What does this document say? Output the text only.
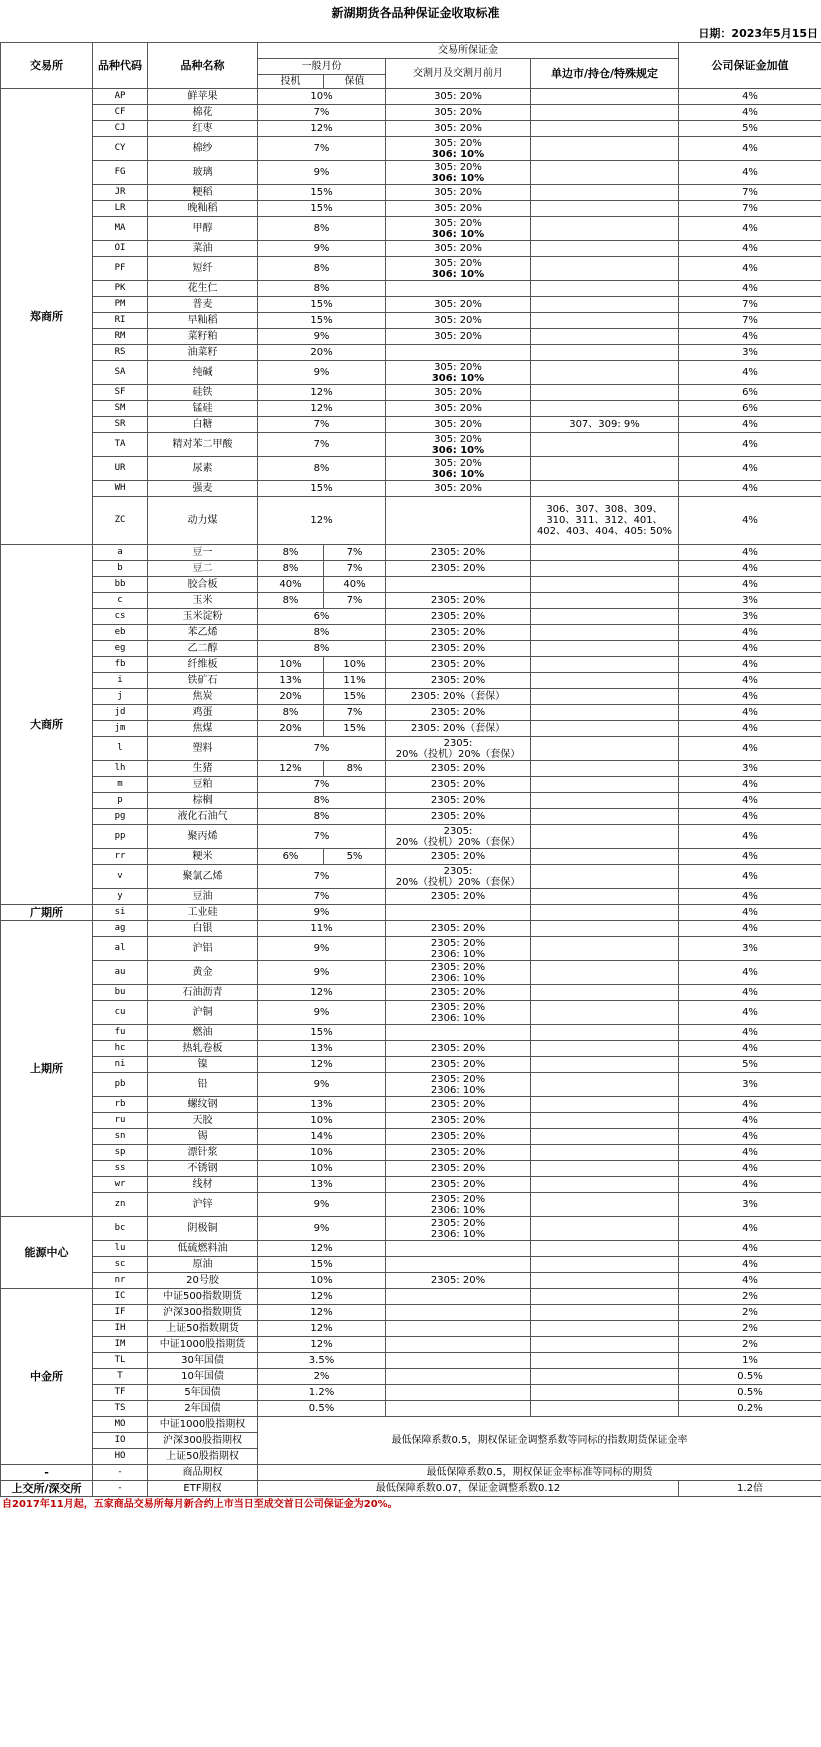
新湖期货各品种保证金收取标准
日期：2023年5月15日
交易所	品种代码	品种名称	交易所保证金				公司保证金加值
			一般月份		交割月及交割月前月	单边市/持仓/特殊规定	
			投机	保值			
郑商所	AP	鲜苹果	10%		305: 20%		4%
	CF	棉花	7%		305: 20%		4%
	CJ	红枣	12%		305: 20%		5%
	CY	棉纱	7%		305: 20%
306: 10%		4%
	FG	玻璃	9%		305: 20%
306: 10%		4%
	JR	粳稻	15%		305: 20%		7%
	LR	晚籼稻	15%		305: 20%		7%
	MA	甲醇	8%		305: 20%
306: 10%		4%
	OI	菜油	9%		305: 20%		4%
	PF	短纤	8%		305: 20%
306: 10%		4%
	PK	花生仁	8%				4%
	PM	普麦	15%		305: 20%		7%
	RI	早籼稻	15%		305: 20%		7%
	RM	菜籽粕	9%		305: 20%		4%
	RS	油菜籽	20%				3%
	SA	纯碱	9%		305: 20%
306: 10%		4%
	SF	硅铁	12%		305: 20%		6%
	SM	锰硅	12%		305: 20%		6%
	SR	白糖	7%		305: 20%	307、309: 9%	4%
	TA	精对苯二甲酸	7%		305: 20%
306: 10%		4%
	UR	尿素	8%		305: 20%
306: 10%		4%
	WH	强麦	15%		305: 20%		4%
	ZC	动力煤	12%			306、307、308、309、310、311、312、401、402、403、404、405: 50%	4%
大商所	a	豆一	8%	7%	2305: 20%		4%
	b	豆二	8%	7%	2305: 20%		4%
	bb	胶合板	40%	40%			4%
	c	玉米	8%	7%	2305: 20%		3%
	cs	玉米淀粉	6%		2305: 20%		3%
	eb	苯乙烯	8%		2305: 20%		4%
	eg	乙二醇	8%		2305: 20%		4%
	fb	纤维板	10%	10%	2305: 20%		4%
	i	铁矿石	13%	11%	2305: 20%		4%
	j	焦炭	20%	15%	2305: 20%（套保）		4%
	jd	鸡蛋	8%	7%	2305: 20%		4%
	jm	焦煤	20%	15%	2305: 20%（套保）		4%
	l	塑料	7%		2305:
20%（投机）20%（套保）		4%
	lh	生猪	12%	8%	2305: 20%		3%
	m	豆粕	7%		2305: 20%		4%
	p	棕榈	8%		2305: 20%		4%
	pg	液化石油气	8%		2305: 20%		4%
	pp	聚丙烯	7%		2305:
20%（投机）20%（套保）		4%
	rr	粳米	6%	5%	2305: 20%		4%
	v	聚氯乙烯	7%		2305:
20%（投机）20%（套保）		4%
	y	豆油	7%		2305: 20%		4%
广期所	si	工业硅	9%				4%
上期所	ag	白银	11%		2305: 20%		4%
	al	沪铝	9%		2305: 20%
2306: 10%		3%
	au	黄金	9%		2305: 20%
2306: 10%		4%
	bu	石油沥青	12%		2305: 20%		4%
	cu	沪铜	9%		2305: 20%
2306: 10%		4%
	fu	燃油	15%				4%
	hc	热轧卷板	13%		2305: 20%		4%
	ni	镍	12%		2305: 20%		5%
	pb	铅	9%		2305: 20%
2306: 10%		3%
	rb	螺纹钢	13%		2305: 20%		4%
	ru	天胶	10%		2305: 20%		4%
	sn	锡	14%		2305: 20%		4%
	sp	漂针浆	10%		2305: 20%		4%
	ss	不锈钢	10%		2305: 20%		4%
	wr	线材	13%		2305: 20%		4%
	zn	沪锌	9%		2305: 20%
2306: 10%		3%
能源中心	bc	阴极铜	9%		2305: 20%
2306: 10%		4%
	lu	低硫燃料油	12%				4%
	sc	原油	15%				4%
	nr	20号胶	10%		2305: 20%		4%
中金所	IC	中证500指数期货	12%				2%
	IF	沪深300指数期货	12%				2%
	IH	上证50指数期货	12%				2%
	IM	中证1000股指期货	12%				2%
	TL	30年国债	3.5%				1%
	T	10年国债	2%				0.5%
	TF	5年国债	1.2%				0.5%
	TS	2年国债	0.5%				0.2%
	MO	中证1000股指期权	最低保障系数0.5，期权保证金调整系数等同标的指数期货保证金率				
	IO	沪深300股指期权					
	HO	上证50股指期权					
-	-	商品期权	最低保障系数0.5，期权保证金率标准等同标的期货				
上交所/深交所	-	ETF期权	最低保障系数0.07，保证金调整系数0.12				1.2倍
自2017年11月起，五家商品交易所每月新合约上市当日至成交首日公司保证金为20%。
